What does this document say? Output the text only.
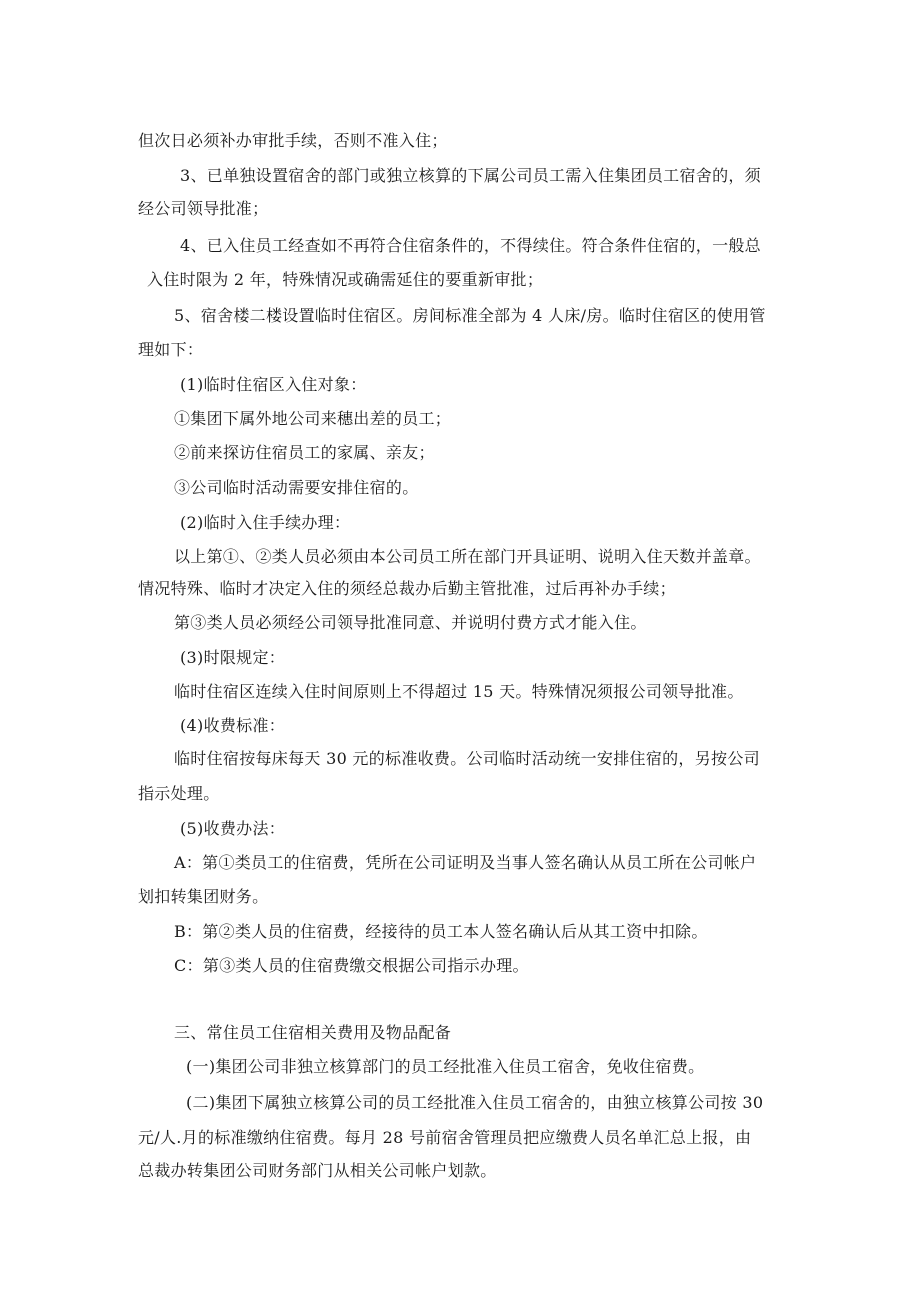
但次日必须补办审批手续，否则不准入住；
3、已单独设置宿舍的部门或独立核算的下属公司员工需入住集团员工宿舍的，须
经公司领导批准；
4、已入住员工经查如不再符合住宿条件的，不得续住。符合条件住宿的，一般总
入住时限为 2 年，特殊情况或确需延住的要重新审批；
5、宿舍楼二楼设置临时住宿区。房间标准全部为 4 人床/房。临时住宿区的使用管
理如下：
(1)临时住宿区入住对象：
①集团下属外地公司来穗出差的员工；
②前来探访住宿员工的家属、亲友；
③公司临时活动需要安排住宿的。
(2)临时入住手续办理：
以上第①、②类人员必须由本公司员工所在部门开具证明、说明入住天数并盖章。
情况特殊、临时才决定入住的须经总裁办后勤主管批准，过后再补办手续；
第③类人员必须经公司领导批准同意、并说明付费方式才能入住。
(3)时限规定：
临时住宿区连续入住时间原则上不得超过 15 天。特殊情况须报公司领导批准。
(4)收费标准：
临时住宿按每床每天 30 元的标准收费。公司临时活动统一安排住宿的，另按公司
指示处理。
(5)收费办法：
A：第①类员工的住宿费，凭所在公司证明及当事人签名确认从员工所在公司帐户
划扣转集团财务。
B：第②类人员的住宿费，经接待的员工本人签名确认后从其工资中扣除。
C：第③类人员的住宿费缴交根据公司指示办理。
三、常住员工住宿相关费用及物品配备
(一)集团公司非独立核算部门的员工经批准入住员工宿舍，免收住宿费。
(二)集团下属独立核算公司的员工经批准入住员工宿舍的，由独立核算公司按 30
元/人.月的标准缴纳住宿费。每月 28 号前宿舍管理员把应缴费人员名单汇总上报，由
总裁办转集团公司财务部门从相关公司帐户划款。
